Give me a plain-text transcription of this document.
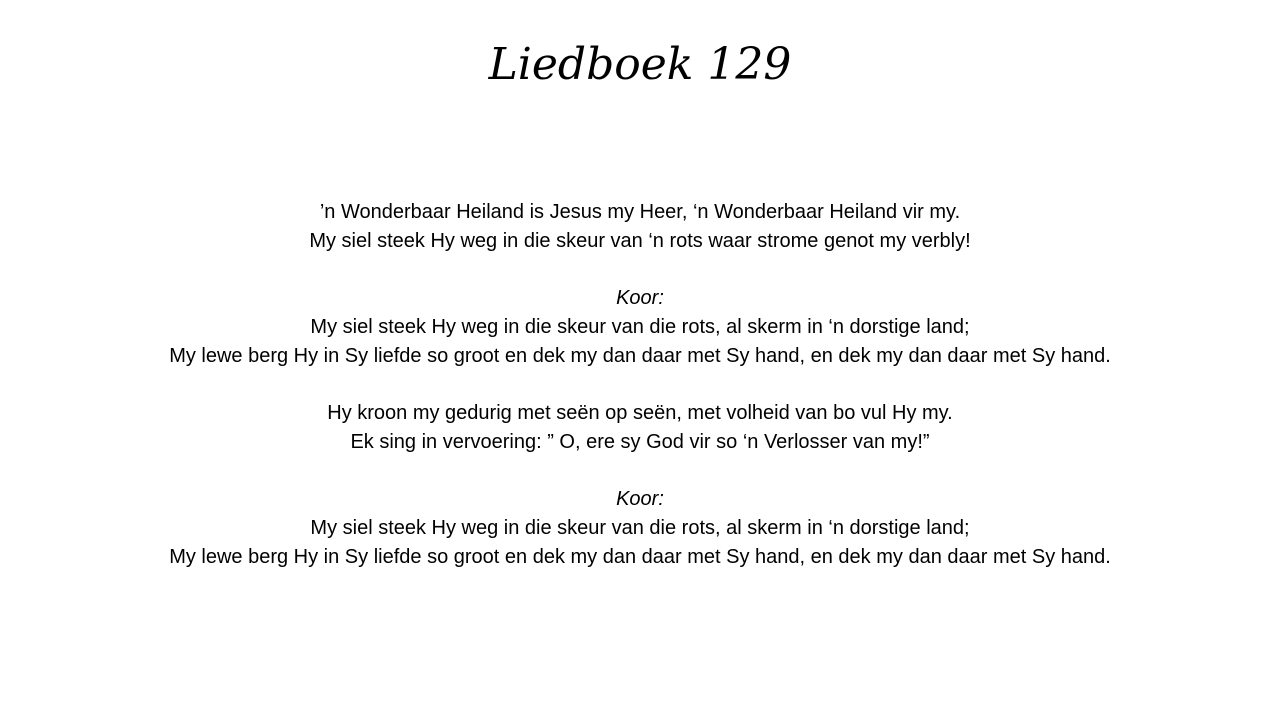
Liedboek 129
’n Wonderbaar Heiland is Jesus my Heer, ‘n Wonderbaar Heiland vir my.
My siel steek Hy weg in die skeur van ‘n rots waar strome genot my verbly!
Koor:
My siel steek Hy weg in die skeur van die rots, al skerm in ‘n dorstige land;
My lewe berg Hy in Sy liefde so groot en dek my dan daar met Sy hand, en dek my dan daar met Sy hand.
Hy kroon my gedurig met seën op seën, met volheid van bo vul Hy my.
Ek sing in vervoering: ” O, ere sy God vir so ‘n Verlosser van my!”
Koor:
My siel steek Hy weg in die skeur van die rots, al skerm in ‘n dorstige land;
My lewe berg Hy in Sy liefde so groot en dek my dan daar met Sy hand, en dek my dan daar met Sy hand.
